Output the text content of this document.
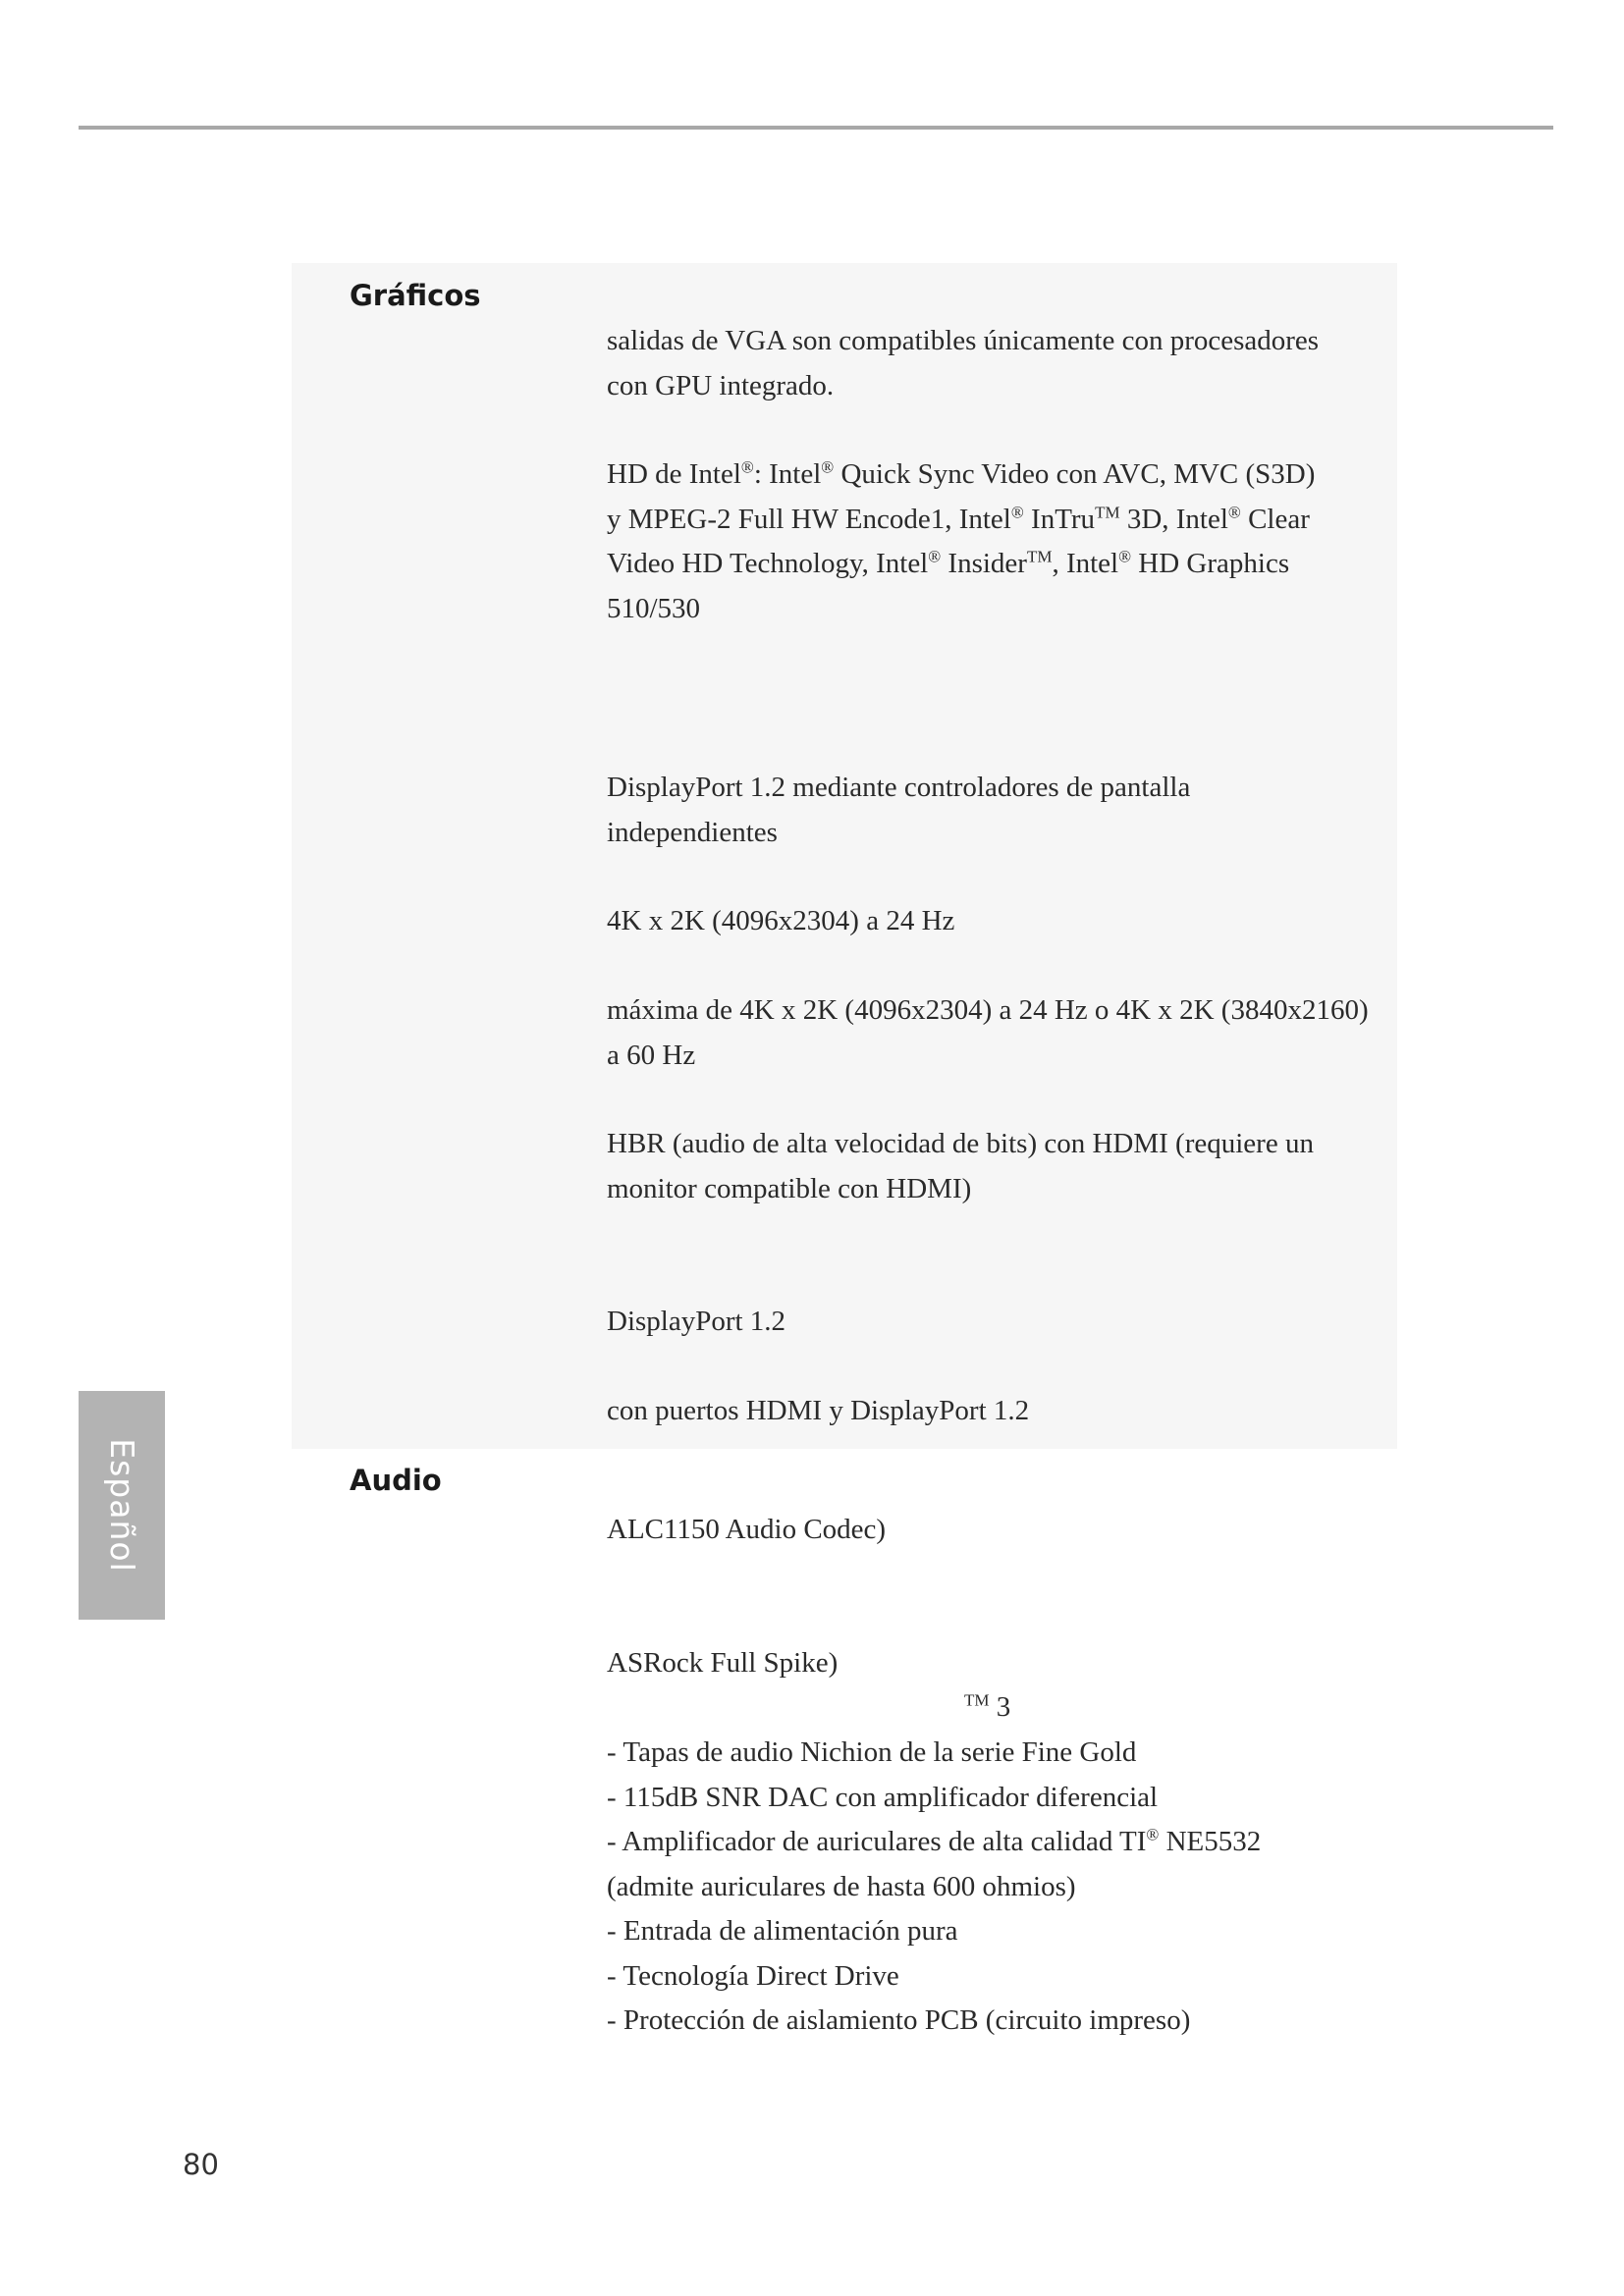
Gráficos

salidas de VGA son compatibles únicamente con procesadores
con GPU integrado.

HD de Intel®: Intel® Quick Sync Video con AVC, MVC (S3D)
y MPEG-2 Full HW Encode1, Intel® InTru™ 3D, Intel® Clear
Video HD Technology, Intel® Insider™, Intel® HD Graphics
510/530

DisplayPort 1.2 mediante controladores de pantalla
independientes

4K x 2K (4096x2304) a 24 Hz

máxima de 4K x 2K (4096x2304) a 24 Hz o 4K x 2K (3840x2160)
a 60 Hz

HBR (audio de alta velocidad de bits) con HDMI (requiere un
monitor compatible con HDMI)

DisplayPort 1.2

con puertos HDMI y DisplayPort 1.2

Audio

ALC1150 Audio Codec)

ASRock Full Spike)

™ 3

- Tapas de audio Nichion de la serie Fine Gold
- 115dB SNR DAC con amplificador diferencial
- Amplificador de auriculares de alta calidad TI® NE5532
(admite auriculares de hasta 600 ohmios)
- Entrada de alimentación pura
- Tecnología Direct Drive
- Protección de aislamiento PCB (circuito impreso)

Español

80
